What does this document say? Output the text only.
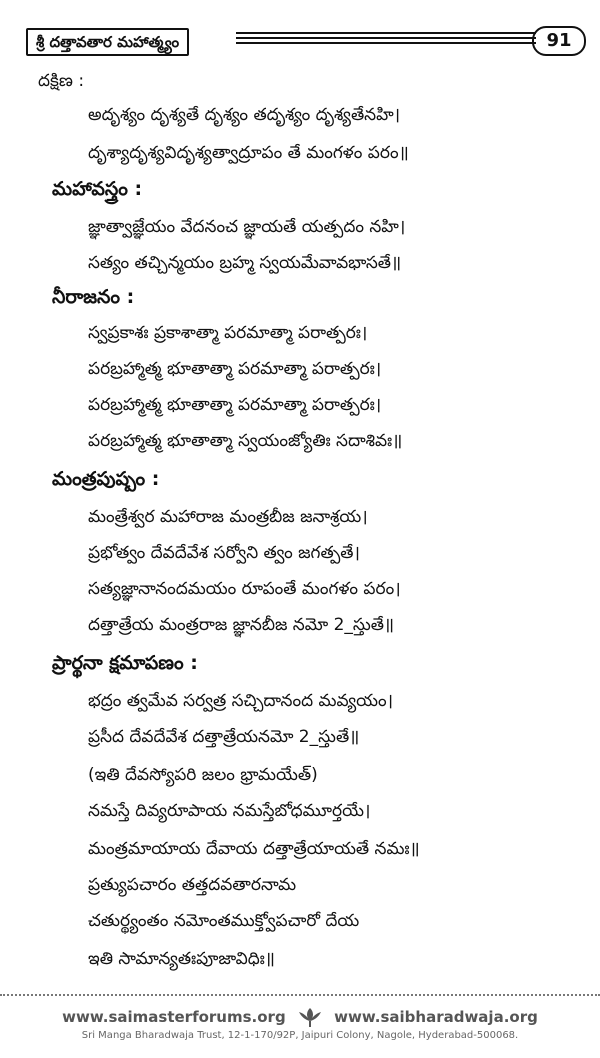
శ్రీ దత్తావతార మహాత్మ్యం	91
దక్షిణ :
అదృశ్యం దృశ్యతే దృశ్యం తదృశ్యం దృశ్యతేనహి।
దృశ్యాదృశ్యవిదృశ్యత్వాద్రూపం తే మంగళం పరం॥
మహావస్త్రం :
జ్ఞాత్వాజ్ఞేయం వేదనంచ జ్ఞాయతే యత్పదం నహి।
సత్యం తచ్చిన్మయం బ్రహ్మ స్వయమేవావభాసతే॥
నీరాజనం :
స్వప్రకాశః ప్రకాశాత్మా పరమాత్మా పరాత్పరః।
పరబ్రహ్మాత్మ భూతాత్మా పరమాత్మా పరాత్పరః।
పరబ్రహ్మాత్మ భూతాత్మా పరమాత్మా పరాత్పరః।
పరబ్రహ్మాత్మ భూతాత్మా స్వయంజ్యోతిః సదాశివః॥
మంత్రపుష్పం :
మంత్రేశ్వర మహారాజ మంత్రబీజ జనాశ్రయ।
ప్రభోత్వం దేవదేవేశ సర్వోని త్వం జగత్పతే।
సత్యజ్ఞానానందమయం రూపంతే మంగళం పరం।
దత్తాత్రేయ మంత్రరాజ జ్ఞానబీజ నమో 2_స్తుతే॥
ప్రార్థనా క్షమాపణం :
భద్రం త్వమేవ సర్వత్ర సచ్చిదానంద మవ్యయం।
ప్రసీద దేవదేవేశ దత్తాత్రేయనమో 2_స్తుతే॥
(ఇతి దేవస్యోపరి జలం భ్రామయేత్)
నమస్తే దివ్యరూపాయ నమస్తేబోధమూర్తయే।
మంత్రమాయాయ దేవాయ దత్తాత్రేయాయతే నమః॥
ప్రత్యుపచారం తత్తదవతారనామ
చతుర్థ్యంతం నమోంతముక్త్వోపచారో దేయ
ఇతి సామాన్యతఃపూజావిధిః॥
www.saimasterforums.org	www.saibharadwaja.org
Sri Manga Bharadwaja Trust, 12-1-170/92P, Jaipuri Colony, Nagole, Hyderabad-500068.
